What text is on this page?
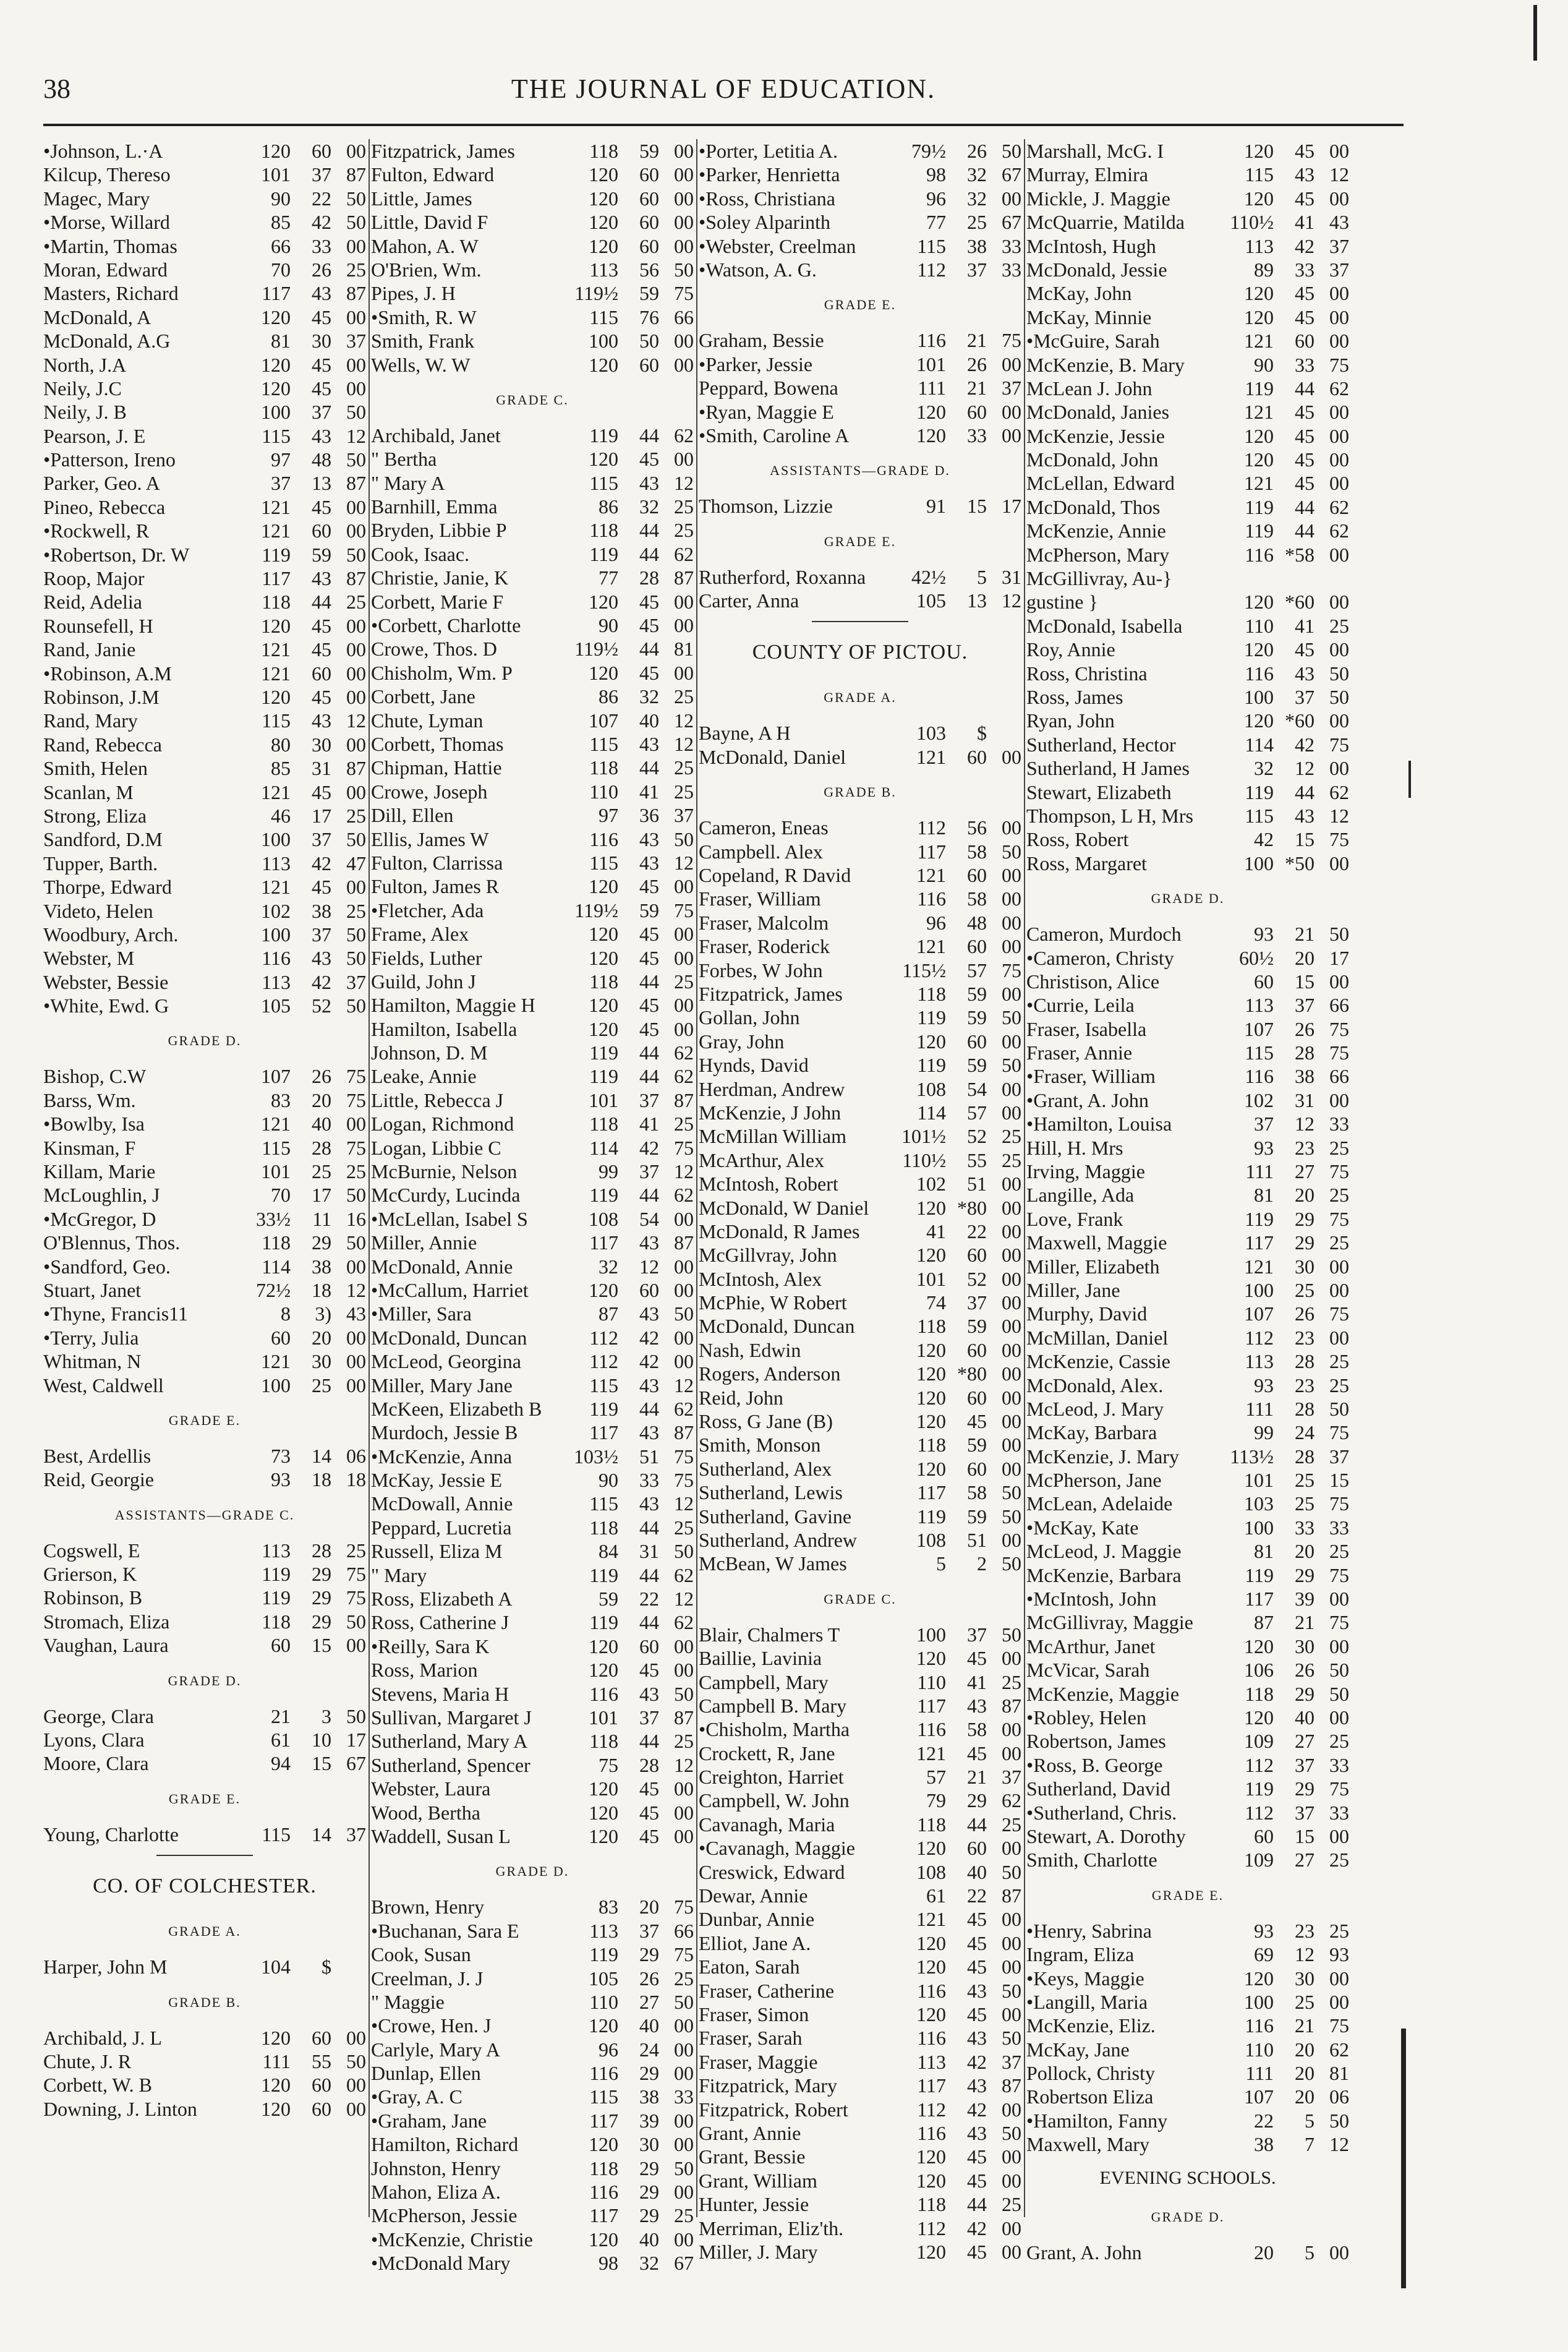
38	THE JOURNAL OF EDUCATION.
•Johnson, L.·A	120	60 00
Kilcup, Thereso	101	37 87
Magec, Mary	90	22 50
•Morse, Willard	85	42 50
•Martin, Thomas	66	33 00
Moran, Edward	70	26 25
Masters, Richard	117	43 87
McDonald, A	120	45 00
McDonald, A.G	81	30 37
North, J.A	120	45 00
Neily, J.C	120	45 00
Neily, J. B	100	37 50
Pearson, J. E	115	43 12
•Patterson, Ireno	97	48 50
Parker, Geo. A	37	13 87
Pineo, Rebecca	121	45 00
•Rockwell, R	121	60 00
•Robertson, Dr. W	119	59 50
Roop, Major	117	43 87
Reid, Adelia	118	44 25
Rounsefell, H	120	45 00
Rand, Janie	121	45 00
•Robinson, A.M	121	60 00
Robinson, J.M	120	45 00
Rand, Mary	115	43 12
Rand, Rebecca	80	30 00
Smith, Helen	85	31 87
Scanlan, M	121	45 00
Strong, Eliza	46	17 25
Sandford, D.M	100	37 50
Tupper, Barth.	113	42 47
Thorpe, Edward	121	45 00
Videto, Helen	102	38 25
Woodbury, Arch.	100	37 50
Webster, M	116	43 50
Webster, Bessie	113	42 37
•White, Ewd. G	105	52 50
GRADE D.
Bishop, C.W	107	26 75
Barss, Wm.	83	20 75
•Bowlby, Isa	121	40 00
Kinsman, F	115	28 75
Killam, Marie	101	25 25
McLoughlin, J	70	17 50
•McGregor, D	33½	11 16
O'Blennus, Thos.	118	29 50
•Sandford, Geo.	114	38 00
Stuart, Janet	72½	18 12
•Thyne, Francis11	8	3) 43
•Terry, Julia	60	20 00
Whitman, N	121	30 00
West, Caldwell	100	25 00
GRADE E.
Best, Ardellis	73	14 06
Reid, Georgie	93	18 18
ASSISTANTS—GRADE C.
Cogswell, E	113	28 25
Grierson, K	119	29 75
Robinson, B	119	29 75
Stromach, Eliza	118	29 50
Vaughan, Laura	60	15 00
GRADE D.
George, Clara	21	3 50
Lyons, Clara	61	10 17
Moore, Clara	94	15 67
GRADE E.
Young, Charlotte	115	14 37
CO. OF COLCHESTER.
GRADE A.
Harper, John M	104	$
GRADE B.
Archibald, J. L	120	60 00
Chute, J. R	111	55 50
Corbett, W. B	120	60 00
Downing, J. Linton	120	60 00
Fitzpatrick, James	118	59 00
Fulton, Edward	120	60 00
Little, James	120	60 00
Little, David F	120	60 00
Mahon, A. W	120	60 00
O'Brien, Wm.	113	56 50
Pipes, J. H	119½	59 75
•Smith, R. W	115	76 66
Smith, Frank	100	50 00
Wells, W. W	120	60 00
GRADE C.
Archibald, Janet	119	44 62
" Bertha	120	45 00
" Mary A	115	43 12
Barnhill, Emma	86	32 25
Bryden, Libbie P	118	44 25
Cook, Isaac.	119	44 62
Christie, Janie, K	77	28 87
Corbett, Marie F	120	45 00
•Corbett, Charlotte	90	45 00
Crowe, Thos. D	119½	44 81
Chisholm, Wm. P	120	45 00
Corbett, Jane	86	32 25
Chute, Lyman	107	40 12
Corbett, Thomas	115	43 12
Chipman, Hattie	118	44 25
Crowe, Joseph	110	41 25
Dill, Ellen	97	36 37
Ellis, James W	116	43 50
Fulton, Clarrissa	115	43 12
Fulton, James R	120	45 00
•Fletcher, Ada	119½	59 75
Frame, Alex	120	45 00
Fields, Luther	120	45 00
Guild, John J	118	44 25
Hamilton, Maggie H	120	45 00
Hamilton, Isabella	120	45 00
Johnson, D. M	119	44 62
Leake, Annie	119	44 62
Little, Rebecca J	101	37 87
Logan, Richmond	118	41 25
Logan, Libbie C	114	42 75
McBurnie, Nelson	99	37 12
McCurdy, Lucinda	119	44 62
•McLellan, Isabel S	108	54 00
Miller, Annie	117	43 87
McDonald, Annie	32	12 00
•McCallum, Harriet	120	60 00
•Miller, Sara	87	43 50
McDonald, Duncan	112	42 00
McLeod, Georgina	112	42 00
Miller, Mary Jane	115	43 12
McKeen, Elizabeth B	119	44 62
Murdoch, Jessie B	117	43 87
•McKenzie, Anna	103½	51 75
McKay, Jessie E	90	33 75
McDowall, Annie	115	43 12
Peppard, Lucretia	118	44 25
Russell, Eliza M	84	31 50
" Mary	119	44 62
Ross, Elizabeth A	59	22 12
Ross, Catherine J	119	44 62
•Reilly, Sara K	120	60 00
Ross, Marion	120	45 00
Stevens, Maria H	116	43 50
Sullivan, Margaret J	101	37 87
Sutherland, Mary A	118	44 25
Sutherland, Spencer	75	28 12
Webster, Laura	120	45 00
Wood, Bertha	120	45 00
Waddell, Susan L	120	45 00
GRADE D.
Brown, Henry	83	20 75
•Buchanan, Sara E	113	37 66
Cook, Susan	119	29 75
Creelman, J. J	105	26 25
" Maggie	110	27 50
•Crowe, Hen. J	120	40 00
Carlyle, Mary A	96	24 00
Dunlap, Ellen	116	29 00
•Gray, A. C	115	38 33
•Graham, Jane	117	39 00
Hamilton, Richard	120	30 00
Johnston, Henry	118	29 50
Mahon, Eliza A.	116	29 00
McPherson, Jessie	117	29 25
•McKenzie, Christie	120	40 00
•McDonald Mary	98	32 67
•Porter, Letitia A.	79½	26 50
•Parker, Henrietta	98	32 67
•Ross, Christiana	96	32 00
•Soley Alparinth	77	25 67
•Webster, Creelman	115	38 33
•Watson, A. G.	112	37 33
GRADE E.
Graham, Bessie	116	21 75
•Parker, Jessie	101	26 00
Peppard, Bowena	111	21 37
•Ryan, Maggie E	120	60 00
•Smith, Caroline A	120	33 00
ASSISTANTS—GRADE D.
Thomson, Lizzie	91	15 17
GRADE E.
Rutherford, Roxanna	42½	5 31
Carter, Anna	105	13 12
COUNTY OF PICTOU.
GRADE A.
Bayne, A H	103	$
McDonald, Daniel	121	60 00
GRADE B.
Cameron, Eneas	112	56 00
Campbell. Alex	117	58 50
Copeland, R David	121	60 00
Fraser, William	116	58 00
Fraser, Malcolm	96	48 00
Fraser, Roderick	121	60 00
Forbes, W John	115½	57 75
Fitzpatrick, James	118	59 00
Gollan, John	119	59 50
Gray, John	120	60 00
Hynds, David	119	59 50
Herdman, Andrew	108	54 00
McKenzie, J John	114	57 00
McMillan William	101½	52 25
McArthur, Alex	110½	55 25
McIntosh, Robert	102	51 00
McDonald, W Daniel	120 *80 00
McDonald, R James	41	22 00
McGillvray, John	120	60 00
McIntosh, Alex	101	52 00
McPhie, W Robert	74	37 00
McDonald, Duncan	118	59 00
Nash, Edwin	120	60 00
Rogers, Anderson	120 *80 00
Reid, John	120	60 00
Ross, G Jane (B)	120	45 00
Smith, Monson	118	59 00
Sutherland, Alex	120	60 00
Sutherland, Lewis	117	58 50
Sutherland, Gavine	119	59 50
Sutherland, Andrew	108	51 00
McBean, W James	5	2 50
GRADE C.
Blair, Chalmers T	100	37 50
Baillie, Lavinia	120	45 00
Campbell, Mary	110	41 25
Campbell B. Mary	117	43 87
•Chisholm, Martha	116	58 00
Crockett, R, Jane	121	45 00
Creighton, Harriet	57	21 37
Campbell, W. John	79	29 62
Cavanagh, Maria	118	44 25
•Cavanagh, Maggie	120	60 00
Creswick, Edward	108	40 50
Dewar, Annie	61	22 87
Dunbar, Annie	121	45 00
Elliot, Jane A.	120	45 00
Eaton, Sarah	120	45 00
Fraser, Catherine	116	43 50
Fraser, Simon	120	45 00
Fraser, Sarah	116	43 50
Fraser, Maggie	113	42 37
Fitzpatrick, Mary	117	43 87
Fitzpatrick, Robert	112	42 00
Grant, Annie	116	43 50
Grant, Bessie	120	45 00
Grant, William	120	45 00
Hunter, Jessie	118	44 25
Merriman, Eliz'th.	112	42 00
Miller, J. Mary	120	45 00
Marshall, McG. I	120	45 00
Murray, Elmira	115	43 12
Mickle, J. Maggie	120	45 00
McQuarrie, Matilda	110½	41 43
McIntosh, Hugh	113	42 37
McDonald, Jessie	89	33 37
McKay, John	120	45 00
McKay, Minnie	120	45 00
•McGuire, Sarah	121	60 00
McKenzie, B. Mary	90	33 75
McLean J. John	119	44 62
McDonald, Janies	121	45 00
McKenzie, Jessie	120	45 00
McDonald, John	120	45 00
McLellan, Edward	121	45 00
McDonald, Thos	119	44 62
McKenzie, Annie	119	44 62
McPherson, Mary	116 *58 00
McGillivray, Au-}
gustine }	120 *60 00
McDonald, Isabella	110	41 25
Roy, Annie	120	45 00
Ross, Christina	116	43 50
Ross, James	100	37 50
Ryan, John	120 *60 00
Sutherland, Hector	114	42 75
Sutherland, H James	32	12 00
Stewart, Elizabeth	119	44 62
Thompson, L H, Mrs	115	43 12
Ross, Robert	42	15 75
Ross, Margaret	100 *50 00
GRADE D.
Cameron, Murdoch	93	21 50
•Cameron, Christy	60½	20 17
Christison, Alice	60	15 00
•Currie, Leila	113	37 66
Fraser, Isabella	107	26 75
Fraser, Annie	115	28 75
•Fraser, William	116	38 66
•Grant, A. John	102	31 00
•Hamilton, Louisa	37	12 33
Hill, H. Mrs	93	23 25
Irving, Maggie	111	27 75
Langille, Ada	81	20 25
Love, Frank	119	29 75
Maxwell, Maggie	117	29 25
Miller, Elizabeth	121	30 00
Miller, Jane	100	25 00
Murphy, David	107	26 75
McMillan, Daniel	112	23 00
McKenzie, Cassie	113	28 25
McDonald, Alex.	93	23 25
McLeod, J. Mary	111	28 50
McKay, Barbara	99	24 75
McKenzie, J. Mary	113½	28 37
McPherson, Jane	101	25 15
McLean, Adelaide	103	25 75
•McKay, Kate	100	33 33
McLeod, J. Maggie	81	20 25
McKenzie, Barbara	119	29 75
•McIntosh, John	117	39 00
McGillivray, Maggie	87	21 75
McArthur, Janet	120	30 00
McVicar, Sarah	106	26 50
McKenzie, Maggie	118	29 50
•Robley, Helen	120	40 00
Robertson, James	109	27 25
•Ross, B. George	112	37 33
Sutherland, David	119	29 75
•Sutherland, Chris.	112	37 33
Stewart, A. Dorothy	60	15 00
Smith, Charlotte	109	27 25
GRADE E.
•Henry, Sabrina	93	23 25
Ingram, Eliza	69	12 93
•Keys, Maggie	120	30 00
•Langill, Maria	100	25 00
McKenzie, Eliz.	116	21 75
McKay, Jane	110	20 62
Pollock, Christy	111	20 81
Robertson Eliza	107	20 06
•Hamilton, Fanny	22	5 50
Maxwell, Mary	38	7 12
EVENING SCHOOLS.
GRADE D.
Grant, A. John	20	5 00
